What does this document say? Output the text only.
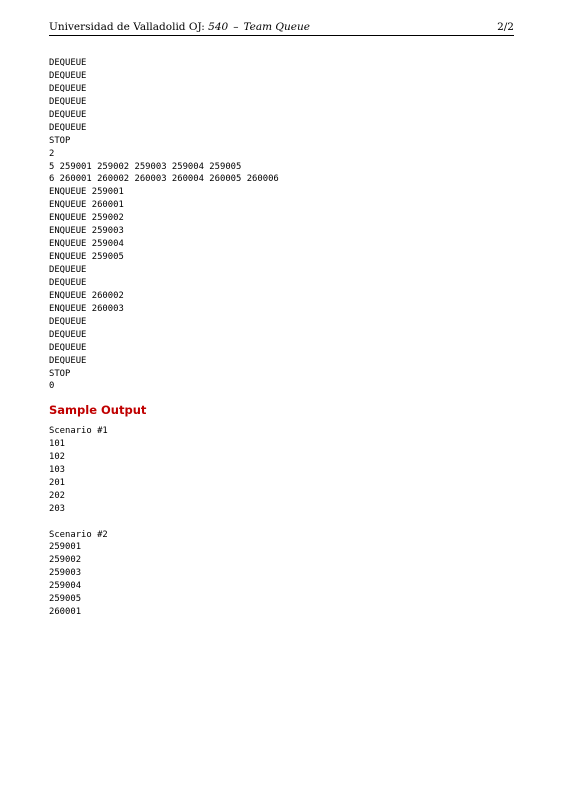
Universidad de Valladolid OJ: 540 – Team Queue	2/2
DEQUEUE
DEQUEUE
DEQUEUE
DEQUEUE
DEQUEUE
DEQUEUE
STOP
2
5 259001 259002 259003 259004 259005
6 260001 260002 260003 260004 260005 260006
ENQUEUE 259001
ENQUEUE 260001
ENQUEUE 259002
ENQUEUE 259003
ENQUEUE 259004
ENQUEUE 259005
DEQUEUE
DEQUEUE
ENQUEUE 260002
ENQUEUE 260003
DEQUEUE
DEQUEUE
DEQUEUE
DEQUEUE
STOP
0
Sample Output
Scenario #1
101
102
103
201
202
203
Scenario #2
259001
259002
259003
259004
259005
260001
